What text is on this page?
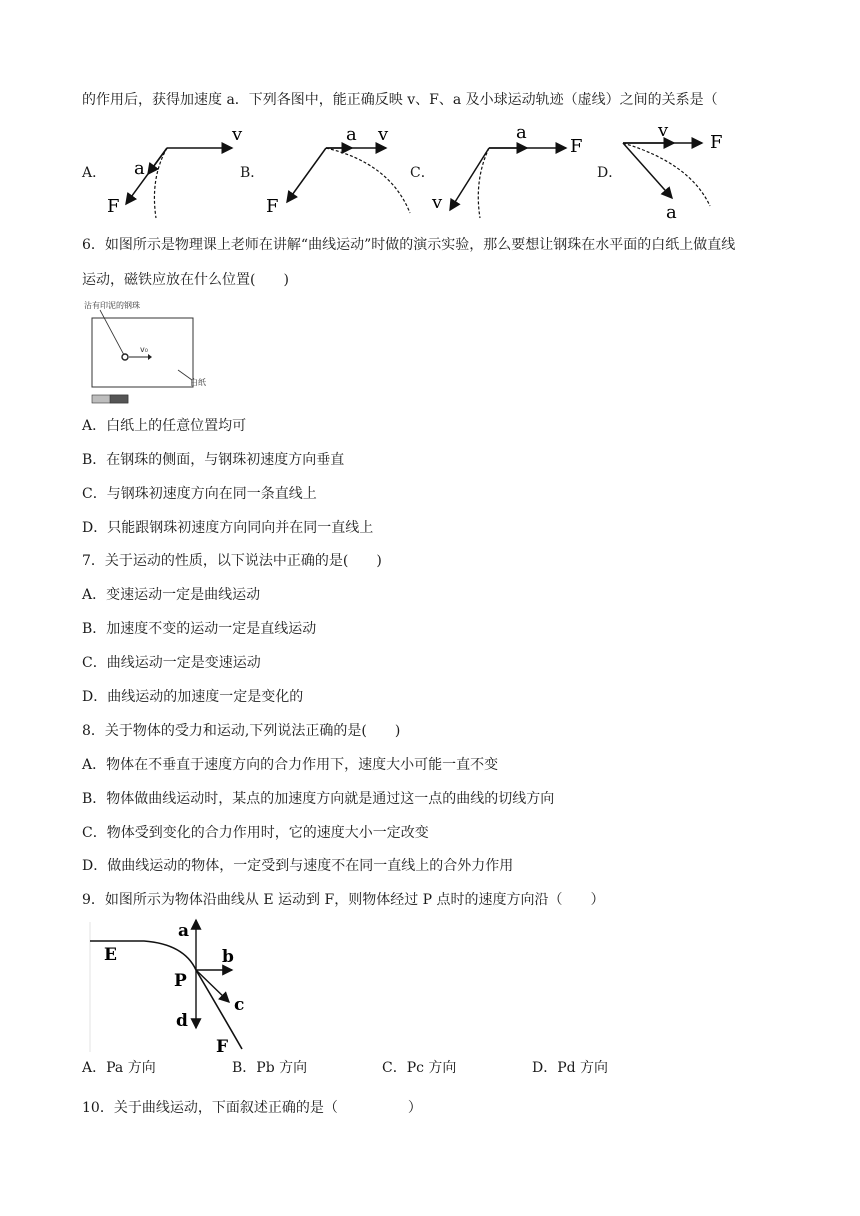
的作用后，获得加速度 a．下列各图中，能正确反映 v、F、a 及小球运动轨迹（虚线）之间的关系是（
A．	B．	C．	D．
v
a
F
a v
F
a
F
v
v
F
a
6．如图所示是物理课上老师在讲解“曲线运动”时做的演示实验，那么要想让钢珠在水平面的白纸上做直线
运动，磁铁应放在什么位置(　　)
沾有印泥的钢珠
v₀
白纸
A．白纸上的任意位置均可
B．在钢珠的侧面，与钢珠初速度方向垂直
C．与钢珠初速度方向在同一条直线上
D．只能跟钢珠初速度方向同向并在同一直线上
7．关于运动的性质，以下说法中正确的是(　　)
A．变速运动一定是曲线运动
B．加速度不变的运动一定是直线运动
C．曲线运动一定是变速运动
D．曲线运动的加速度一定是变化的
8．关于物体的受力和运动,下列说法正确的是(　　)
A．物体在不垂直于速度方向的合力作用下，速度大小可能一直不变
B．物体做曲线运动时，某点的加速度方向就是通过这一点的曲线的切线方向
C．物体受到变化的合力作用时，它的速度大小一定改变
D．做曲线运动的物体，一定受到与速度不在同一直线上的合外力作用
9．如图所示为物体沿曲线从 E 运动到 F，则物体经过 P 点时的速度方向沿（　　）
E
P
a
b
c
d
F
A．Pa 方向	B．Pb 方向	C．Pc 方向	D．Pd 方向
10．关于曲线运动，下面叙述正确的是（　　　　　）
